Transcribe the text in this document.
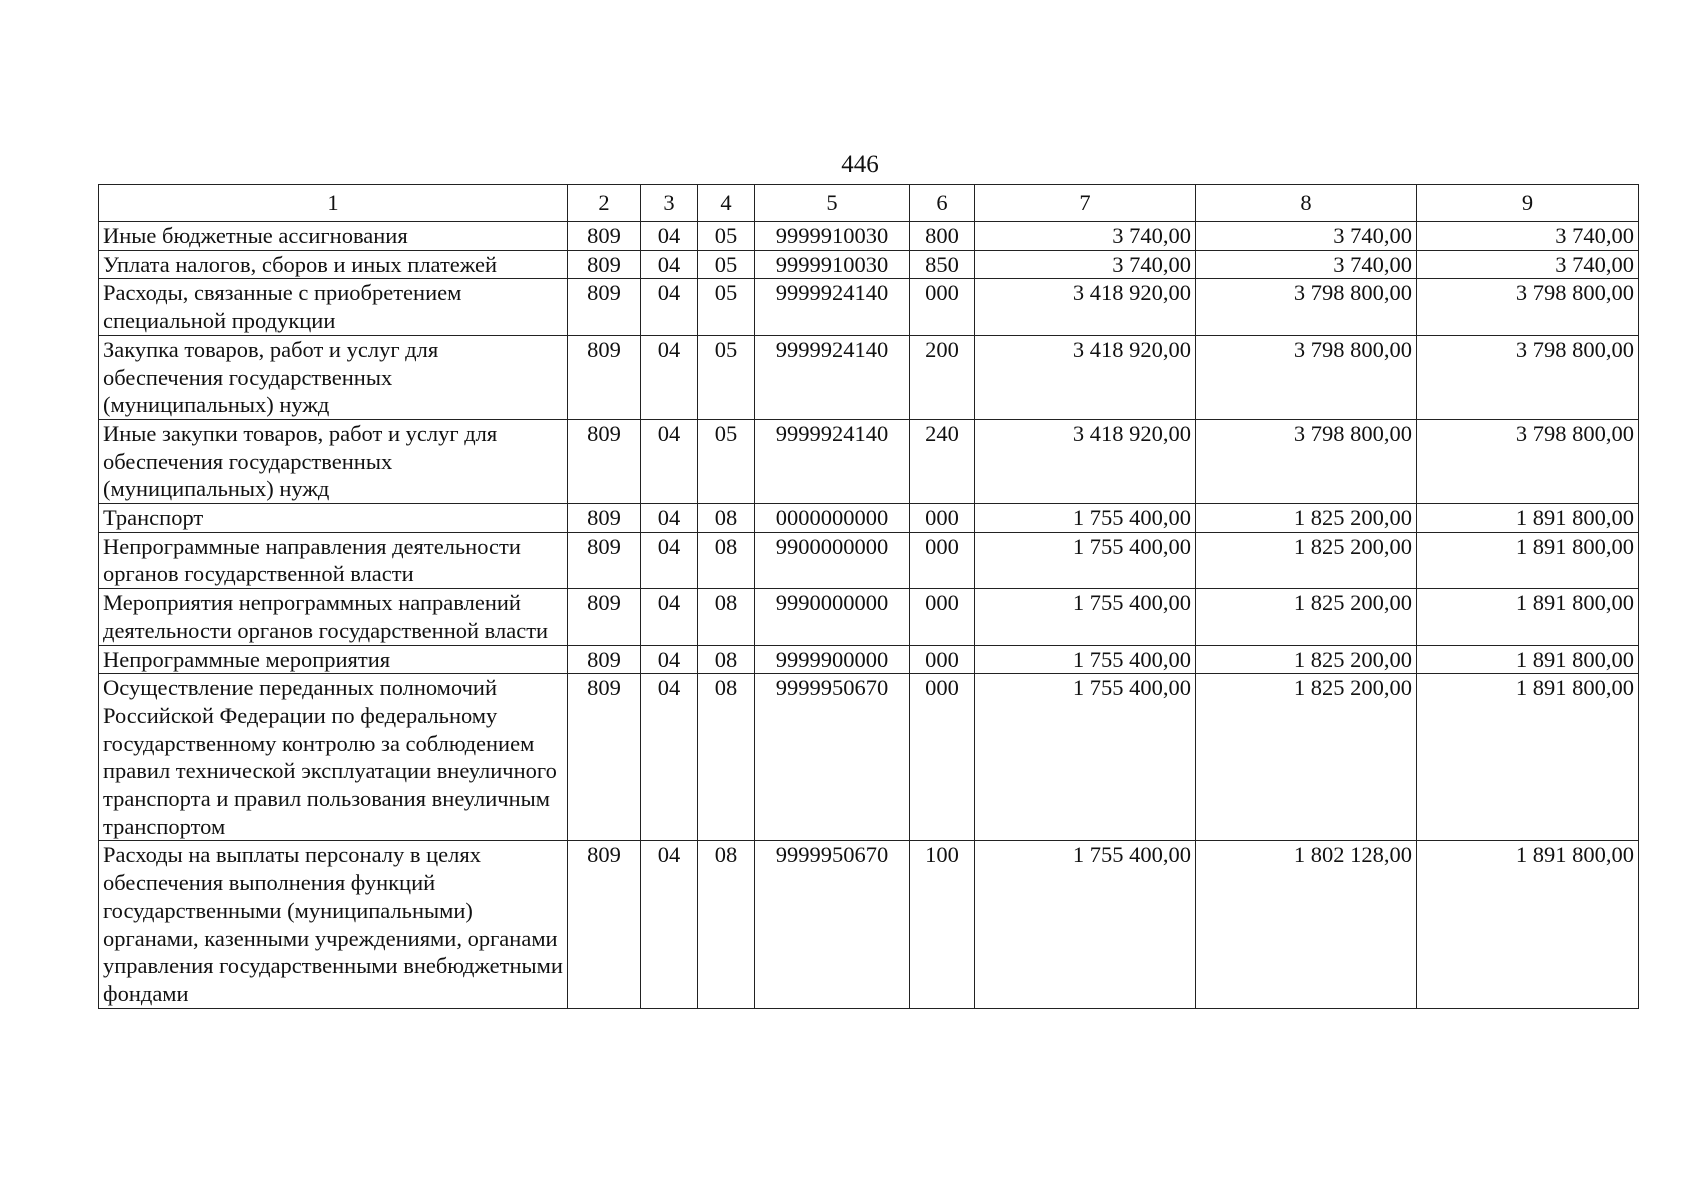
446
1	2	3	4	5	6	7	8	9
Иные бюджетные ассигнования	809	04	05	9999910030	800	3 740,00	3 740,00	3 740,00
Уплата налогов, сборов и иных платежей	809	04	05	9999910030	850	3 740,00	3 740,00	3 740,00
Расходы, связанные с приобретением специальной продукции	809	04	05	9999924140	000	3 418 920,00	3 798 800,00	3 798 800,00
Закупка товаров, работ и услуг для обеспечения государственных (муниципальных) нужд	809	04	05	9999924140	200	3 418 920,00	3 798 800,00	3 798 800,00
Иные закупки товаров, работ и услуг для обеспечения государственных (муниципальных) нужд	809	04	05	9999924140	240	3 418 920,00	3 798 800,00	3 798 800,00
Транспорт	809	04	08	0000000000	000	1 755 400,00	1 825 200,00	1 891 800,00
Непрограммные направления деятельности органов государственной власти	809	04	08	9900000000	000	1 755 400,00	1 825 200,00	1 891 800,00
Мероприятия непрограммных направлений деятельности органов государственной власти	809	04	08	9990000000	000	1 755 400,00	1 825 200,00	1 891 800,00
Непрограммные мероприятия	809	04	08	9999900000	000	1 755 400,00	1 825 200,00	1 891 800,00
Осуществление переданных полномочий Российской Федерации по федеральному государственному контролю за соблюдением правил технической эксплуатации внеуличного транспорта и правил пользования внеуличным транспортом	809	04	08	9999950670	000	1 755 400,00	1 825 200,00	1 891 800,00
Расходы на выплаты персоналу в целях обеспечения выполнения функций государственными (муниципальными) органами, казенными учреждениями, органами управления государственными внебюджетными фондами	809	04	08	9999950670	100	1 755 400,00	1 802 128,00	1 891 800,00
